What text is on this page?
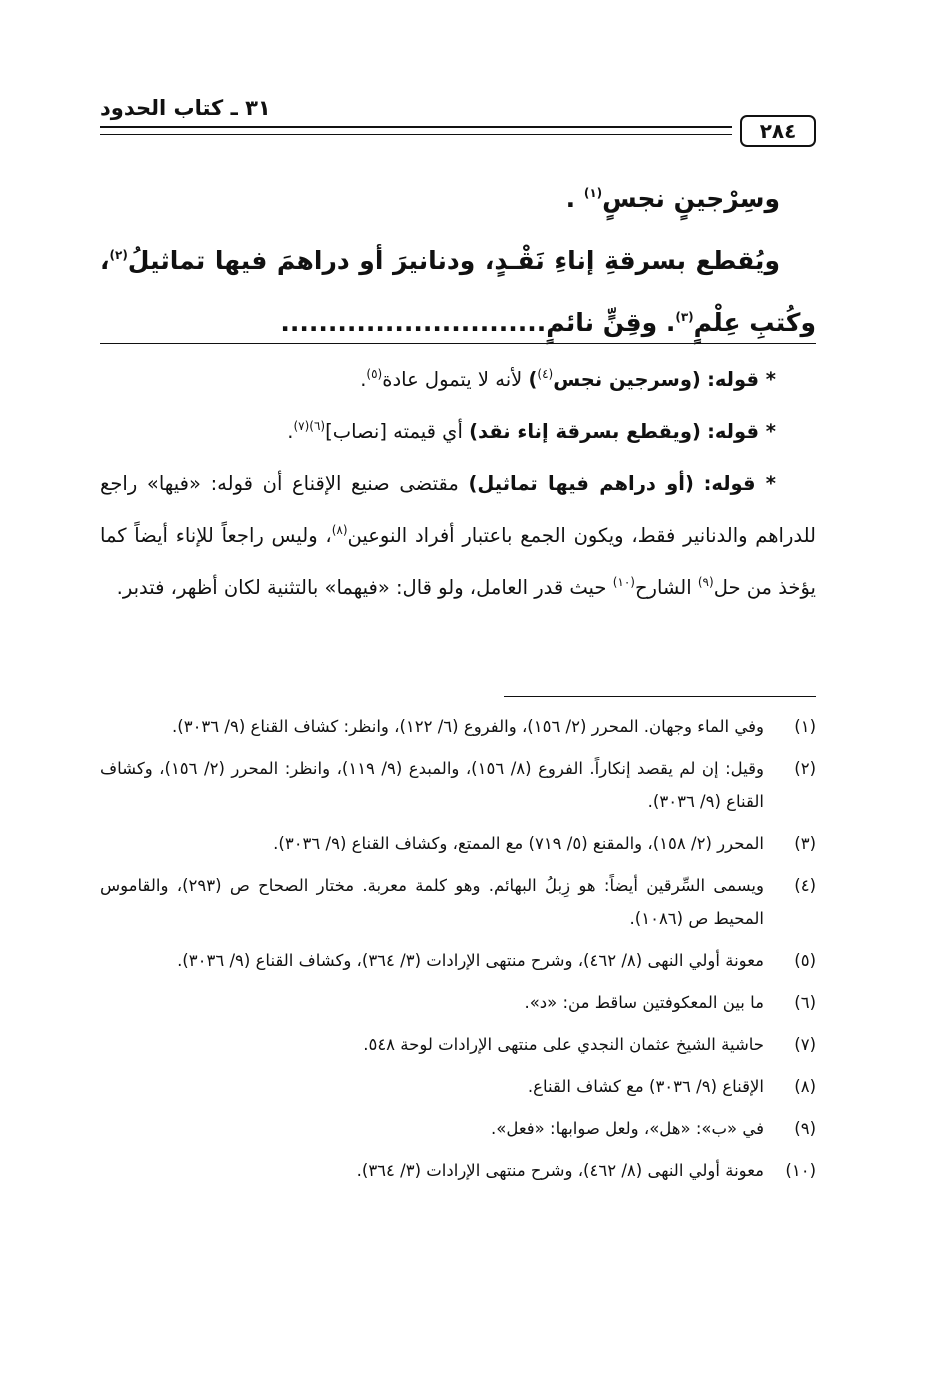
٣١ ـ كتاب الحدود
٢٨٤

وسِرْجينٍ نجسٍ$^{(١)}$ .

ويُقطع بسرقةِ إناءِ نَقْـدٍ، ودنانيرَ أو دراهمَ فيها تماثيلُ$^{(٢)}$، وكُتبِ عِلْمٍ$^{(٣)}$. وقِنٍّ نائمٍ............................

* قوله: (وسرجين نجس$^{(٤)}$) لأنه لا يتمول عادة$^{(٥)}$.

* قوله: (ويقطع بسرقة إناء نقد) أي قيمته [نصاب]$^{(٦)(٧)}$.

* قوله: (أو دراهم فيها تماثيل) مقتضى صنيع الإقناع أن قوله: «فيها» راجع للدراهم والدنانير فقط، ويكون الجمع باعتبار أفراد النوعين$^{(٨)}$، وليس راجعاً للإناء أيضاً كما يؤخذ من حل$^{(٩)}$ الشارح$^{(١٠)}$ حيث قدر العامل، ولو قال: «فيهما» بالتثنية لكان أظهر، فتدبر.

(١)
وفي الماء وجهان. المحرر (٢/ ١٥٦)، والفروع (٦/ ١٢٢)، وانظر: كشاف القناع (٩/ ٣٠٣٦).
(٢)
وقيل: إن لم يقصد إنكاراً. الفروع (٨/ ١٥٦)، والمبدع (٩/ ١١٩)، وانظر: المحرر (٢/ ١٥٦)، وكشاف القناع (٩/ ٣٠٣٦).
(٣)
المحرر (٢/ ١٥٨)، والمقنع (٥/ ٧١٩) مع الممتع، وكشاف القناع (٩/ ٣٠٣٦).
(٤)
ويسمى السِّرقين أيضاً: هو زِبلُ البهائم. وهو كلمة معربة. مختار الصحاح ص (٢٩٣)، والقاموس المحيط ص (١٠٨٦).
(٥)
معونة أولي النهى (٨/ ٤٦٢)، وشرح منتهى الإرادات (٣/ ٣٦٤)، وكشاف القناع (٩/ ٣٠٣٦).
(٦)
ما بين المعكوفتين ساقط من: «د».
(٧)
حاشية الشيخ عثمان النجدي على منتهى الإرادات لوحة ٥٤٨.
(٨)
الإقناع (٩/ ٣٠٣٦) مع كشاف القناع.
(٩)
في «ب»: «هل»، ولعل صوابها: «فعل».
(١٠)
معونة أولي النهى (٨/ ٤٦٢)، وشرح منتهى الإرادات (٣/ ٣٦٤).
